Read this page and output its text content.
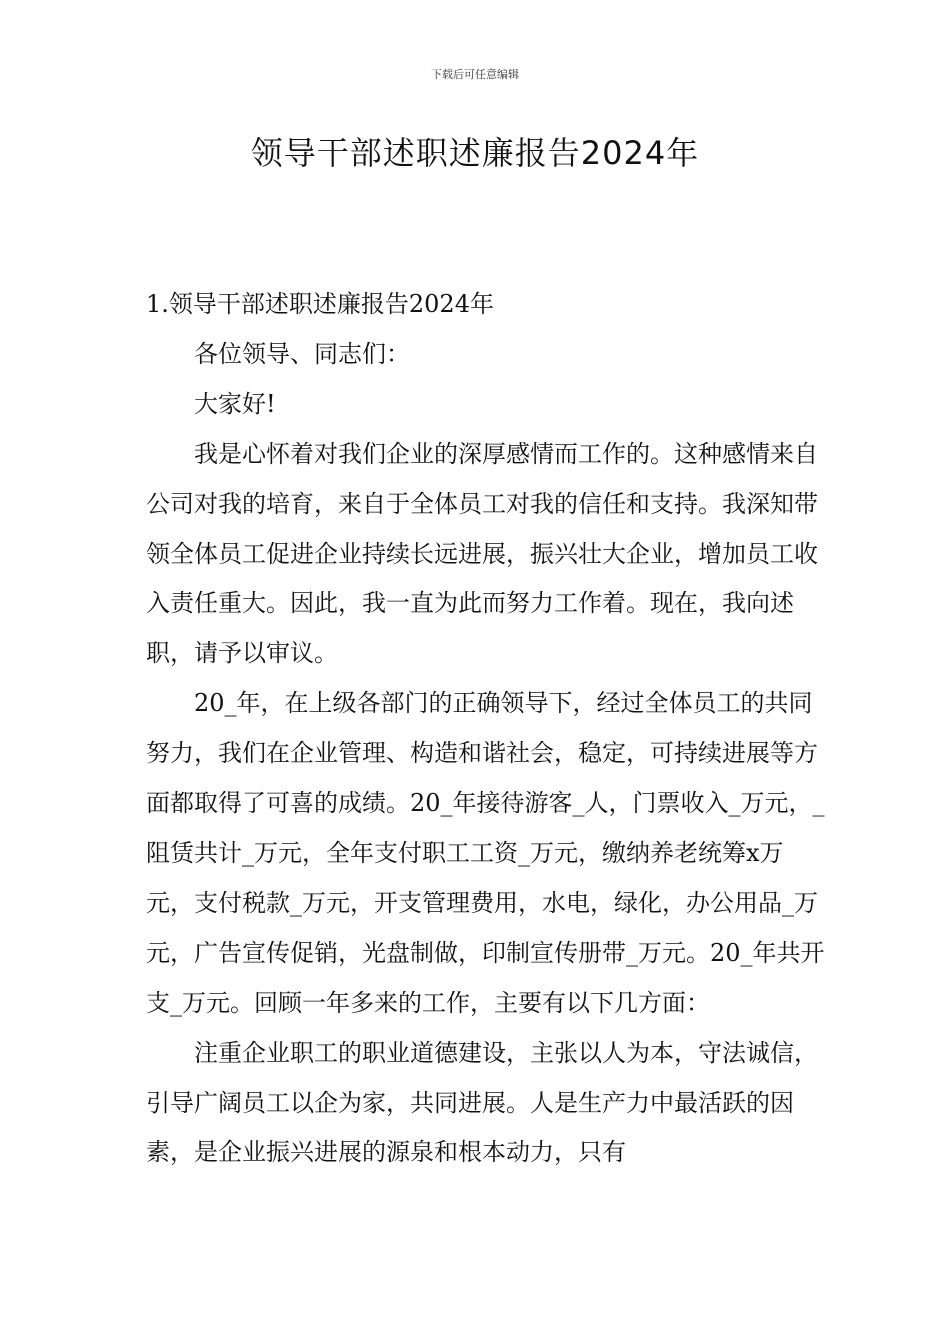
下载后可任意编辑
领导干部述职述廉报告2024年

1.领导干部述职述廉报告2024年

各位领导、同志们：

大家好!

我是心怀着对我们企业的深厚感情而工作的。这种感情来自公司对我的培育，来自于全体员工对我的信任和支持。我深知带领全体员工促进企业持续长远进展，振兴壮大企业，增加员工收入责任重大。因此，我一直为此而努力工作着。现在，我向述职，请予以审议。

20_年，在上级各部门的正确领导下，经过全体员工的共同努力，我们在企业管理、构造和谐社会，稳定，可持续进展等方面都取得了可喜的成绩。20_年接待游客_人，门票收入_万元，_阻赁共计_万元，全年支付职工工资_万元，缴纳养老统筹x万元，支付税款_万元，开支管理费用，水电，绿化，办公用品_万元，广告宣传促销，光盘制做，印制宣传册带_万元。20_年共开支_万元。回顾一年多来的工作，主要有以下几方面：

注重企业职工的职业道德建设，主张以人为本，守法诚信，引导广阔员工以企为家，共同进展。人是生产力中最活跃的因素，是企业振兴进展的源泉和根本动力，只有
